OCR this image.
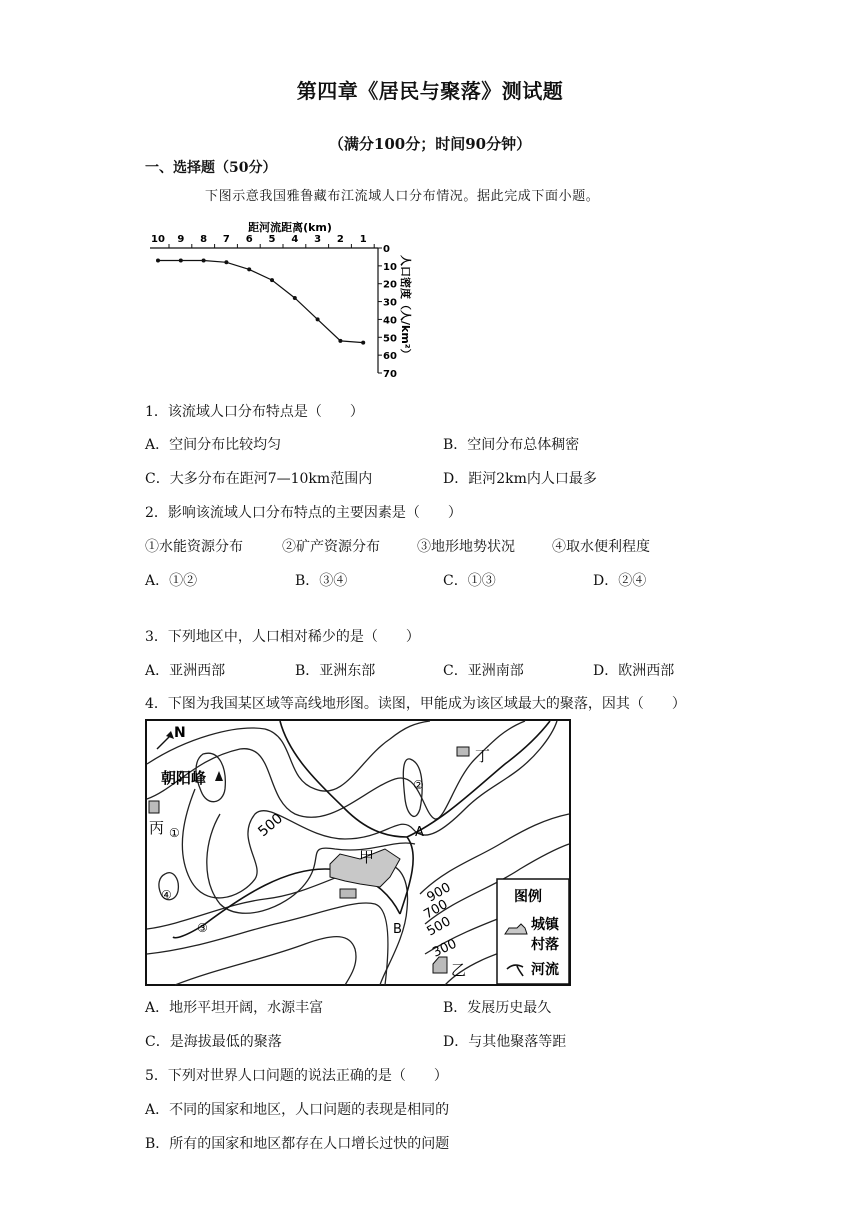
第四章《居民与聚落》测试题
（满分100分；时间90分钟）
一、选择题（50分）
下图示意我国雅鲁藏布江流域人口分布情况。据此完成下面小题。
距河流距离(km)
10 9 8 7 6 5 4 3 2 1
0
10
20
30
40
50
60
70
人口密度（人/km²）
1．该流域人口分布特点是（　　）
A．空间分布比较均匀	B．空间分布总体稠密
C．大多分布在距河7—10km范围内	D．距河2km内人口最多
2．影响该流域人口分布特点的主要因素是（　　）
①水能资源分布	②矿产资源分布	③地形地势状况	④取水便利程度
A．①②	B．③④	C．①③	D．②④
3．下列地区中，人口相对稀少的是（　　）
A．亚洲西部	B．亚洲东部	C．亚洲南部	D．欧洲西部
4．下图为我国某区域等高线地形图。读图，甲能成为该区域最大的聚落，因其（　　）
N
朝阳峰
丙
丁
甲
乙
A
B
①
②
③
④
500
900
700
500
300
图例
城镇
村落
河流
A．地形平坦开阔，水源丰富	B．发展历史最久
C．是海拔最低的聚落	D．与其他聚落等距
5．下列对世界人口问题的说法正确的是（　　）
A．不同的国家和地区，人口问题的表现是相同的
B．所有的国家和地区都存在人口增长过快的问题
